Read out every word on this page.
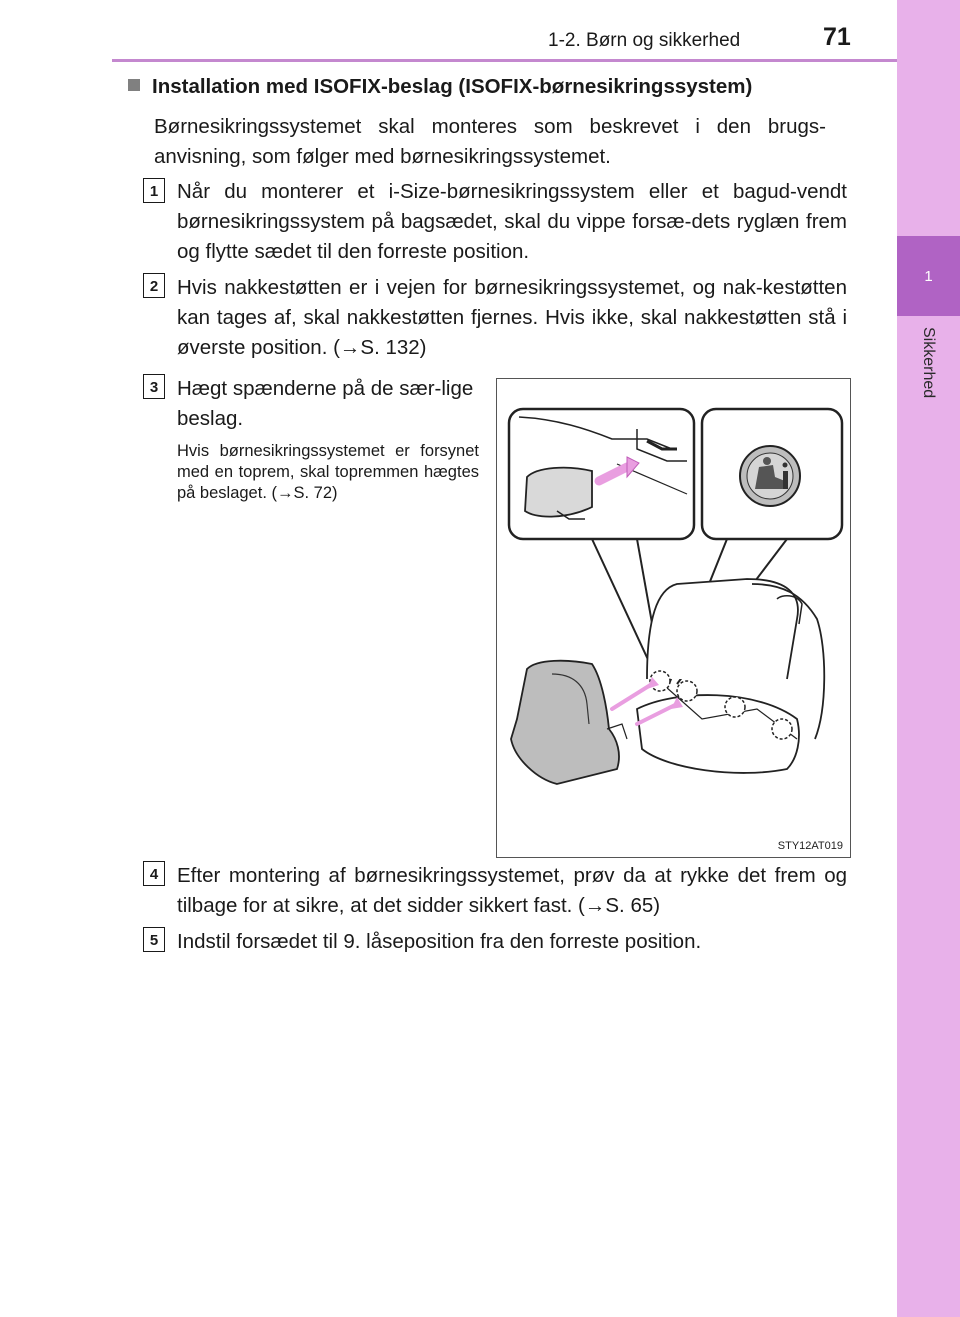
1
Sikkerhed
1-2. Børn og sikkerhed	71
Installation med ISOFIX-beslag (ISOFIX-børnesikringssystem)
Børnesikringssystemet skal monteres som beskrevet i den brugs-anvisning, som følger med børnesikringssystemet.
1 Når du monterer et i-Size-børnesikringssystem eller et bagud-vendt børnesikringssystem på bagsædet, skal du vippe forsæ-dets ryglæn frem og flytte sædet til den forreste position.
2 Hvis nakkestøtten er i vejen for børnesikringssystemet, og nak-kestøtten kan tages af, skal nakkestøtten fjernes. Hvis ikke, skal nakkestøtten stå i øverste position. (→S. 132)
3 Hægt spænderne på de sær-lige beslag.
Hvis børnesikringssystemet er forsynet med en toprem, skal topremmen hægtes på beslaget. (→S. 72)
4 Efter montering af børnesikringssystemet, prøv da at rykke det frem og tilbage for at sikre, at det sidder sikkert fast. (→S. 65)
5 Indstil forsædet til 9. låseposition fra den forreste position.
STY12AT019
